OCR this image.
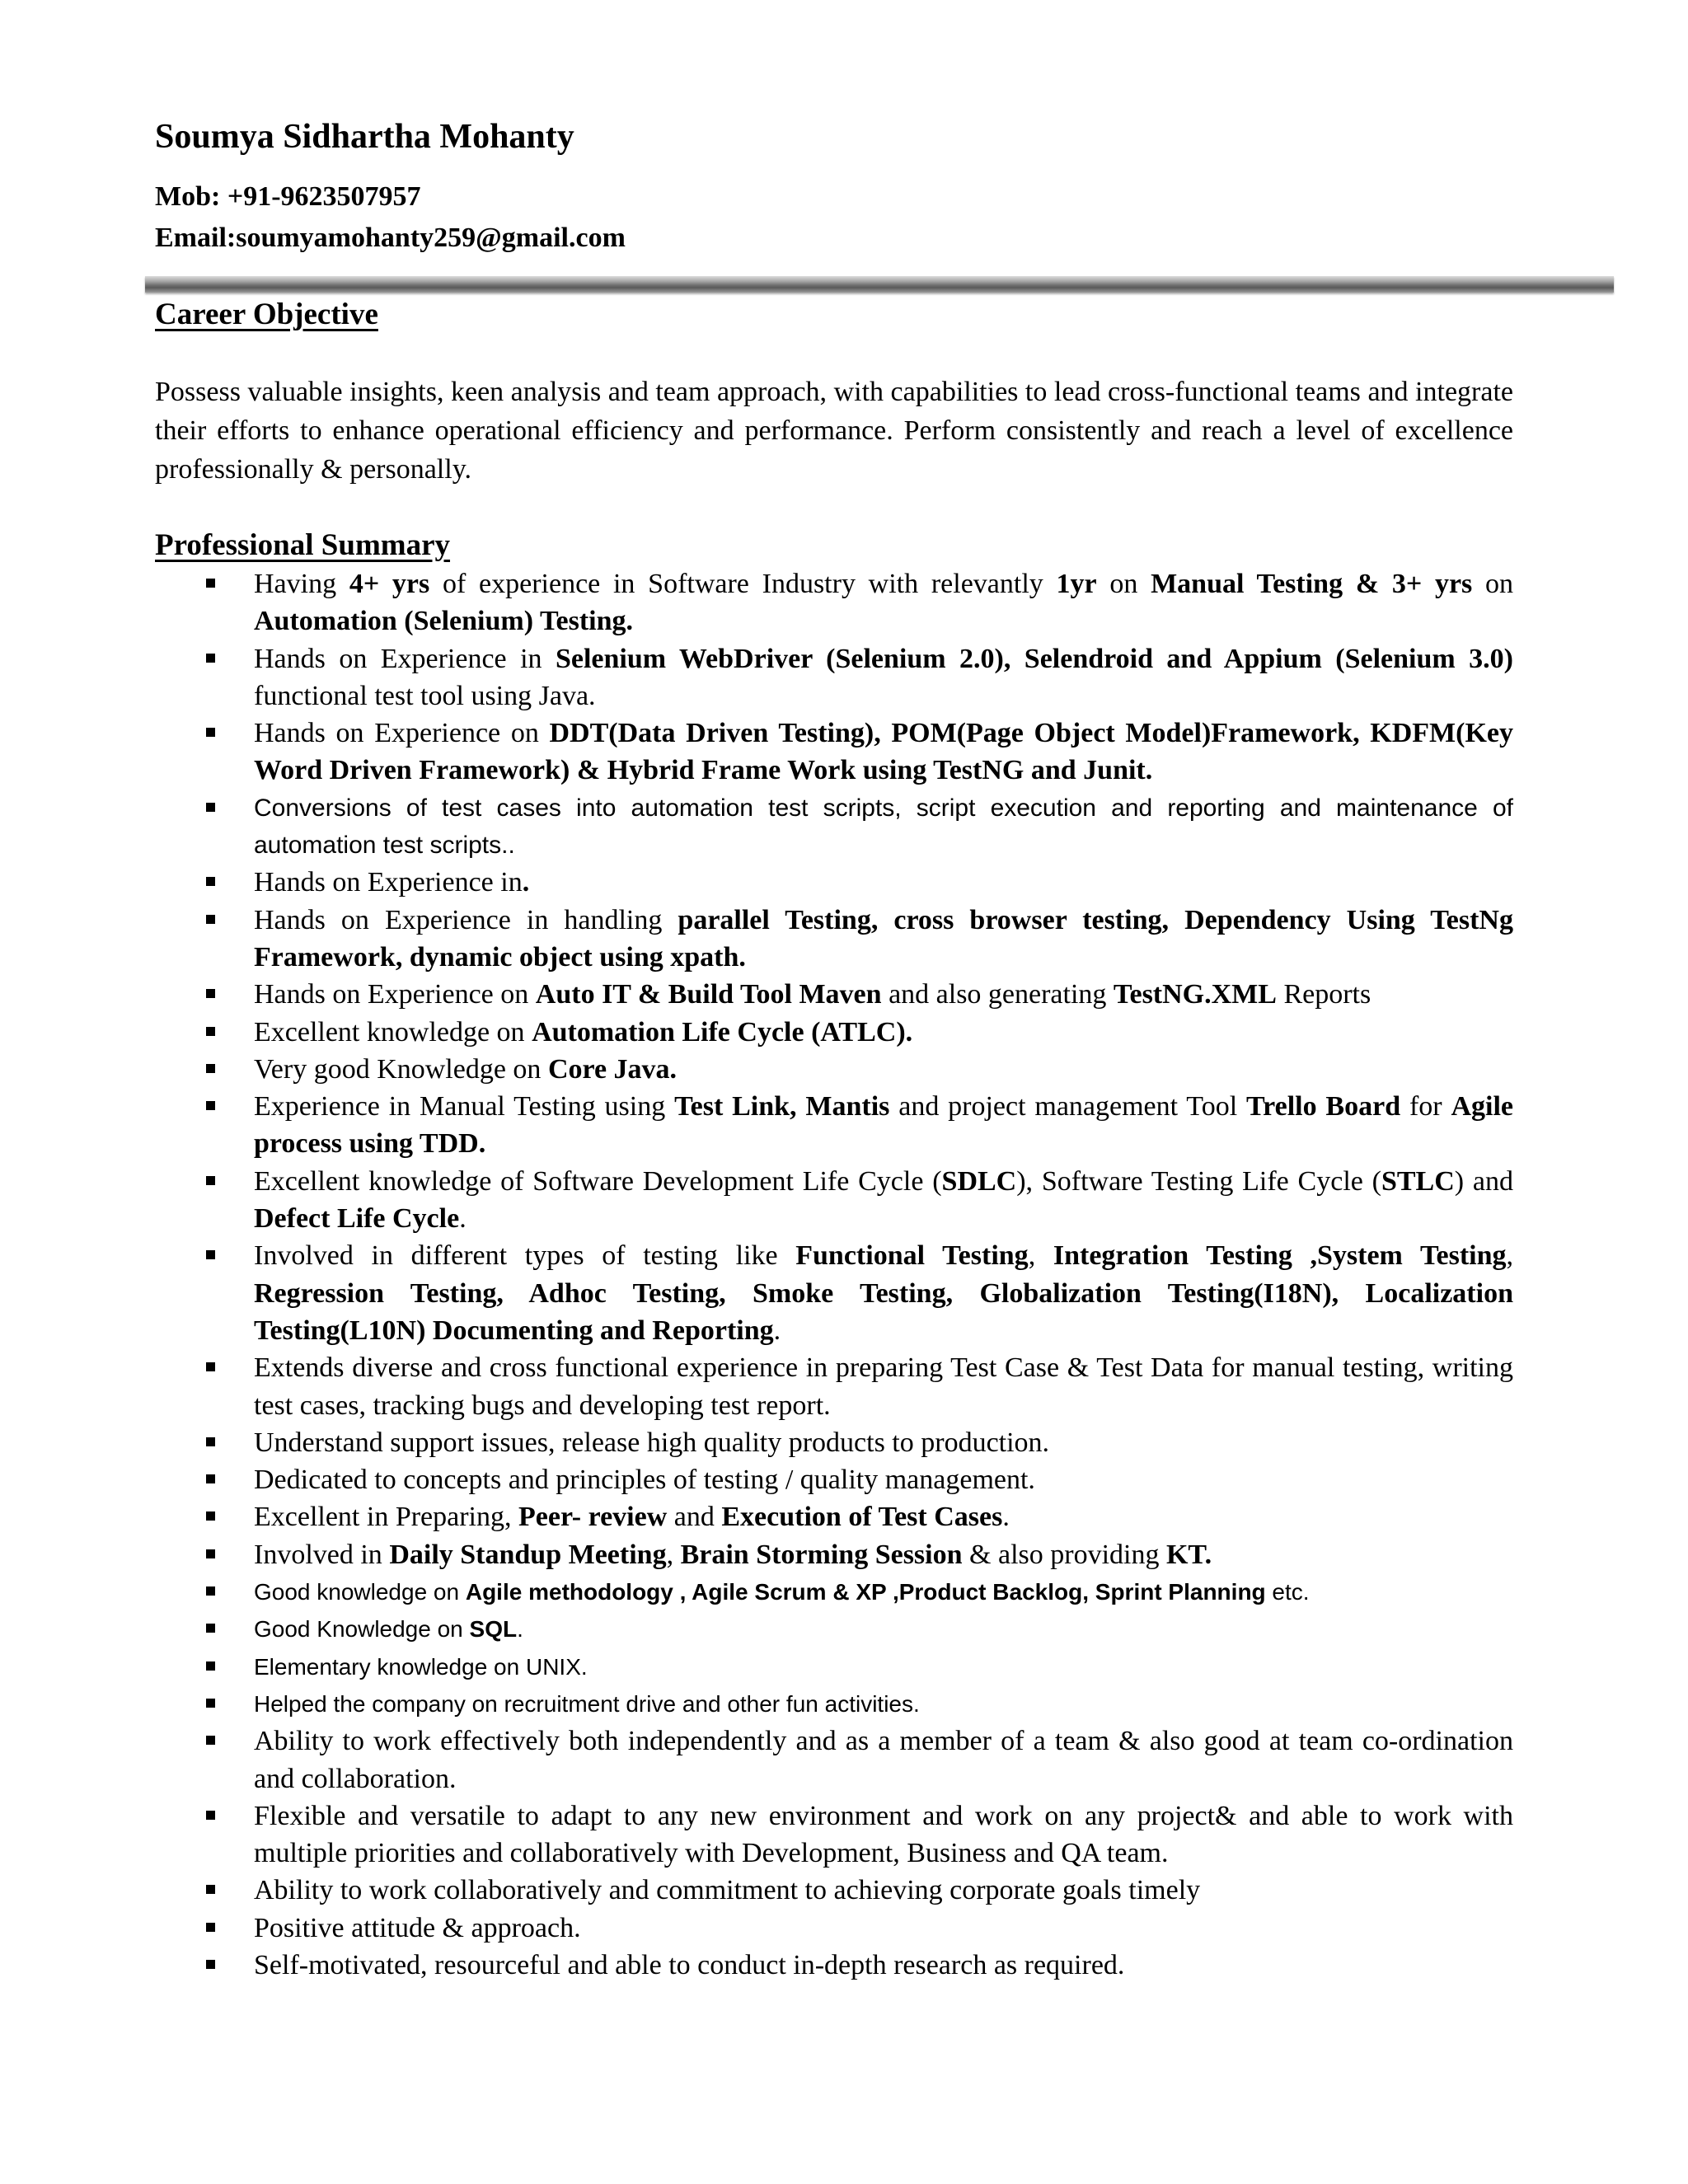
Soumya Sidhartha Mohanty

Mob: +91-9623507957

Email:soumyamohanty259@gmail.com

Career Objective

Possess valuable insights, keen analysis and team approach, with capabilities to lead cross-functional teams and integrate their efforts to enhance operational efficiency and performance. Perform consistently and reach a level of excellence professionally & personally.

Professional Summary
Having 4+ yrs of experience in Software Industry with relevantly 1yr on Manual Testing & 3+ yrs on Automation (Selenium) Testing.
Hands on Experience in Selenium WebDriver (Selenium 2.0), Selendroid and Appium (Selenium 3.0) functional test tool using Java.
Hands on Experience on DDT(Data Driven Testing), POM(Page Object Model)Framework, KDFM(Key Word Driven Framework) & Hybrid Frame Work using TestNG and Junit.
Conversions of test cases into automation test scripts, script execution and reporting and maintenance of automation test scripts..
Hands on Experience in.
Hands on Experience in handling parallel Testing, cross browser testing, Dependency Using TestNg Framework, dynamic object using xpath.
Hands on Experience on Auto IT & Build Tool Maven and also generating TestNG.XML Reports
Excellent knowledge on Automation Life Cycle (ATLC).
Very good Knowledge on Core Java.
Experience in Manual Testing using Test Link, Mantis and project management Tool Trello Board for Agile process using TDD.
Excellent knowledge of Software Development Life Cycle (SDLC), Software Testing Life Cycle (STLC) and Defect Life Cycle.
Involved in different types of testing like Functional Testing, Integration Testing ,System Testing, Regression Testing, Adhoc Testing, Smoke Testing, Globalization Testing(I18N), Localization Testing(L10N) Documenting and Reporting.
Extends diverse and cross functional experience in preparing Test Case & Test Data for manual testing, writing test cases, tracking bugs and developing test report.
Understand support issues, release high quality products to production.
Dedicated to concepts and principles of testing / quality management.
Excellent in Preparing, Peer- review and Execution of Test Cases.
Involved in Daily Standup Meeting, Brain Storming Session & also providing KT.
Good knowledge on Agile methodology , Agile Scrum & XP ,Product Backlog, Sprint Planning etc.
Good Knowledge on SQL.
Elementary knowledge on UNIX.
Helped the company on recruitment drive and other fun activities.
Ability to work effectively both independently and as a member of a team & also good at team co-ordination and collaboration.
Flexible and versatile to adapt to any new environment and work on any project& and able to work with multiple priorities and collaboratively with Development, Business and QA team.
Ability to work collaboratively and commitment to achieving corporate goals timely
Positive attitude & approach.
Self-motivated, resourceful and able to conduct in-depth research as required.
